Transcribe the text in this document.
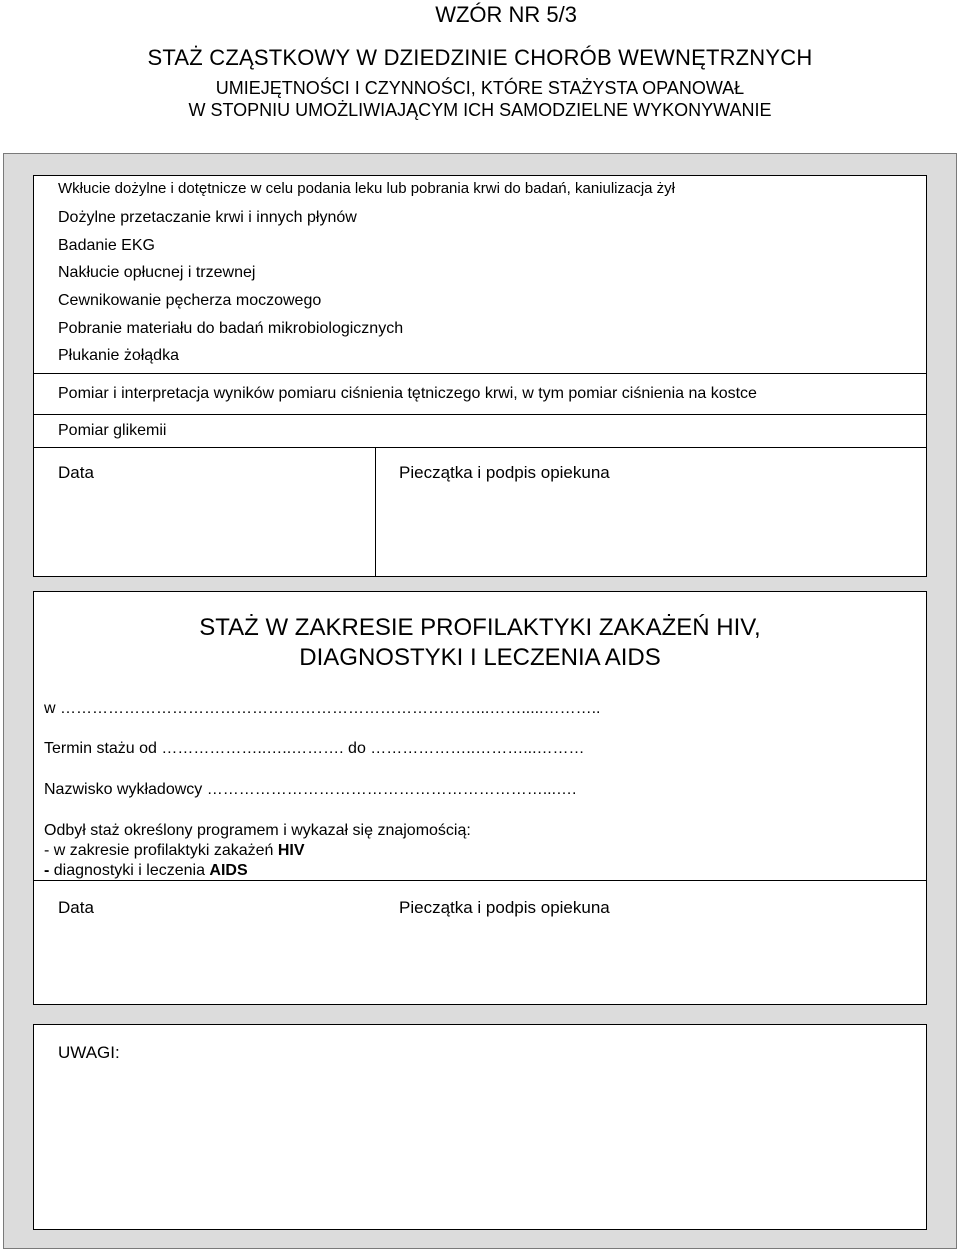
WZÓR NR 5/3
STAŻ CZĄSTKOWY W DZIEDZINIE CHORÓB WEWNĘTRZNYCH
UMIEJĘTNOŚCI I CZYNNOŚCI, KTÓRE STAŻYSTA OPANOWAŁ
W STOPNIU UMOŻLIWIAJĄCYM ICH SAMODZIELNE WYKONYWANIE
Wkłucie dożylne i dotętnicze w celu podania leku lub pobrania krwi do badań, kaniulizacja żył
Dożylne przetaczanie krwi i innych płynów
Badanie EKG
Nakłucie opłucnej i trzewnej
Cewnikowanie pęcherza moczowego
Pobranie materiału do badań mikrobiologicznych
Płukanie żołądka
Pomiar i interpretacja wyników pomiaru ciśnienia tętniczego krwi, w tym pomiar ciśnienia na kostce
Pomiar glikemii
Data	Pieczątka i podpis opiekuna
STAŻ W ZAKRESIE PROFILAKTYKI ZAKAŻEŃ HIV,
DIAGNOSTYKI I LECZENIA AIDS
w ……………………………………………………………………...…….....………..
Termin stażu od ………………..…..………. do ………………..………...………
Nazwisko wykładowcy ………………………………………………………...….
Odbył staż określony programem i wykazał się znajomością:
- w zakresie profilaktyki zakażeń HIV
- diagnostyki i leczenia AIDS
Data	Pieczątka i podpis opiekuna
UWAGI:
